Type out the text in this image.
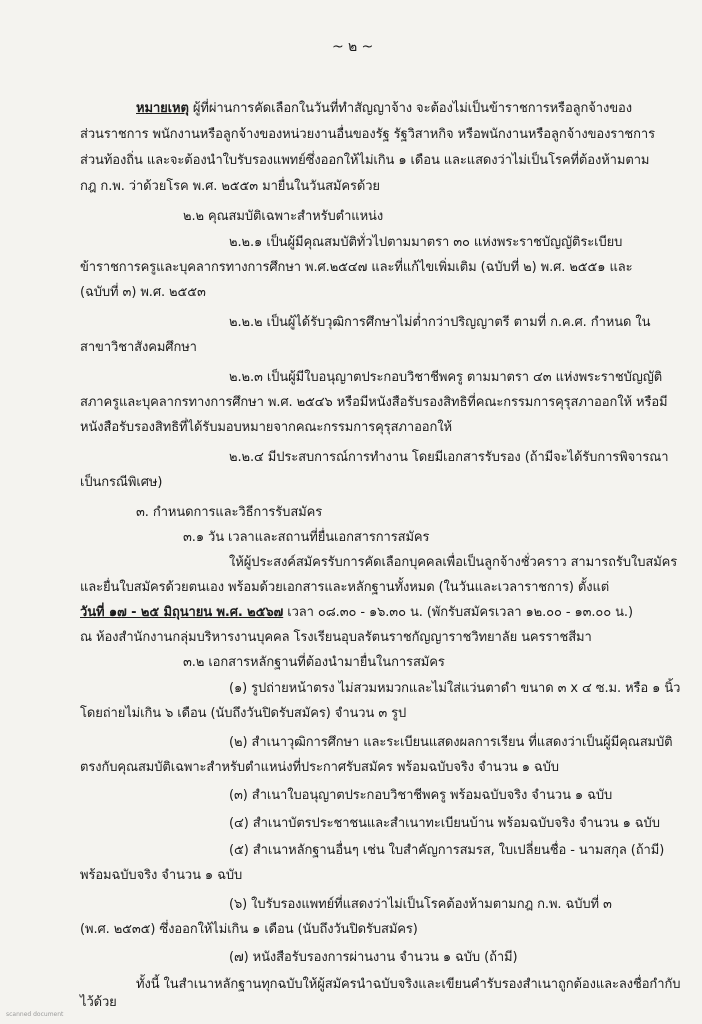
~ ๒ ~
หมายเหตุ ผู้ที่ผ่านการคัดเลือกในวันที่ทำสัญญาจ้าง จะต้องไม่เป็นข้าราชการหรือลูกจ้างของ
ส่วนราชการ พนักงานหรือลูกจ้างของหน่วยงานอื่นของรัฐ รัฐวิสาหกิจ หรือพนักงานหรือลูกจ้างของราชการ
ส่วนท้องถิ่น และจะต้องนำใบรับรองแพทย์ซึ่งออกให้ไม่เกิน ๑ เดือน และแสดงว่าไม่เป็นโรคที่ต้องห้ามตาม
กฎ ก.พ. ว่าด้วยโรค พ.ศ. ๒๕๕๓ มายื่นในวันสมัครด้วย
๒.๒ คุณสมบัติเฉพาะสำหรับตำแหน่ง
๒.๒.๑ เป็นผู้มีคุณสมบัติทั่วไปตามมาตรา ๓๐ แห่งพระราชบัญญัติระเบียบ
ข้าราชการครูและบุคลากรทางการศึกษา พ.ศ.๒๕๔๗ และที่แก้ไขเพิ่มเติม (ฉบับที่ ๒) พ.ศ. ๒๕๕๑ และ
(ฉบับที่ ๓) พ.ศ. ๒๕๕๓
๒.๒.๒ เป็นผู้ได้รับวุฒิการศึกษาไม่ต่ำกว่าปริญญาตรี ตามที่ ก.ค.ศ. กำหนด ใน
สาขาวิชาสังคมศึกษา
๒.๒.๓ เป็นผู้มีใบอนุญาตประกอบวิชาชีพครู ตามมาตรา ๔๓ แห่งพระราชบัญญัติ
สภาครูและบุคลากรทางการศึกษา พ.ศ. ๒๕๔๖ หรือมีหนังสือรับรองสิทธิที่คณะกรรมการคุรุสภาออกให้ หรือมี
หนังสือรับรองสิทธิที่ได้รับมอบหมายจากคณะกรรมการคุรุสภาออกให้
๒.๒.๔ มีประสบการณ์การทำงาน โดยมีเอกสารรับรอง (ถ้ามีจะได้รับการพิจารณา
เป็นกรณีพิเศษ)
๓. กำหนดการและวิธีการรับสมัคร
๓.๑ วัน เวลาและสถานที่ยื่นเอกสารการสมัคร
ให้ผู้ประสงค์สมัครรับการคัดเลือกบุคคลเพื่อเป็นลูกจ้างชั่วคราว สามารถรับใบสมัคร
และยื่นใบสมัครด้วยตนเอง พร้อมด้วยเอกสารและหลักฐานทั้งหมด (ในวันและเวลาราชการ) ตั้งแต่
วันที่ ๑๗ - ๒๕ มิถุนายน พ.ศ. ๒๕๖๗ เวลา ๐๘.๓๐ - ๑๖.๓๐ น. (พักรับสมัครเวลา ๑๒.๐๐ - ๑๓.๐๐ น.)
ณ ห้องสำนักงานกลุ่มบริหารงานบุคคล โรงเรียนอุบลรัตนราชกัญญาราชวิทยาลัย นครราชสีมา
๓.๒ เอกสารหลักฐานที่ต้องนำมายื่นในการสมัคร
(๑) รูปถ่ายหน้าตรง ไม่สวมหมวกและไม่ใส่แว่นตาดำ ขนาด ๓ x ๔ ซ.ม. หรือ ๑ นิ้ว
โดยถ่ายไม่เกิน ๖ เดือน (นับถึงวันปิดรับสมัคร) จำนวน ๓ รูป
(๒) สำเนาวุฒิการศึกษา และระเบียนแสดงผลการเรียน ที่แสดงว่าเป็นผู้มีคุณสมบัติ
ตรงกับคุณสมบัติเฉพาะสำหรับตำแหน่งที่ประกาศรับสมัคร พร้อมฉบับจริง จำนวน ๑ ฉบับ
(๓) สำเนาใบอนุญาตประกอบวิชาชีพครู พร้อมฉบับจริง จำนวน ๑ ฉบับ
(๔) สำเนาบัตรประชาชนและสำเนาทะเบียนบ้าน พร้อมฉบับจริง จำนวน ๑ ฉบับ
(๕) สำเนาหลักฐานอื่นๆ เช่น ใบสำคัญการสมรส, ใบเปลี่ยนชื่อ - นามสกุล (ถ้ามี)
พร้อมฉบับจริง จำนวน ๑ ฉบับ
(๖) ใบรับรองแพทย์ที่แสดงว่าไม่เป็นโรคต้องห้ามตามกฎ ก.พ. ฉบับที่ ๓
(พ.ศ. ๒๕๓๕) ซึ่งออกให้ไม่เกิน ๑ เดือน (นับถึงวันปิดรับสมัคร)
(๗) หนังสือรับรองการผ่านงาน จำนวน ๑ ฉบับ (ถ้ามี)
ทั้งนี้ ในสำเนาหลักฐานทุกฉบับให้ผู้สมัครนำฉบับจริงและเขียนคำรับรองสำเนาถูกต้องและลงชื่อกำกับ
ไว้ด้วย
scanned document
